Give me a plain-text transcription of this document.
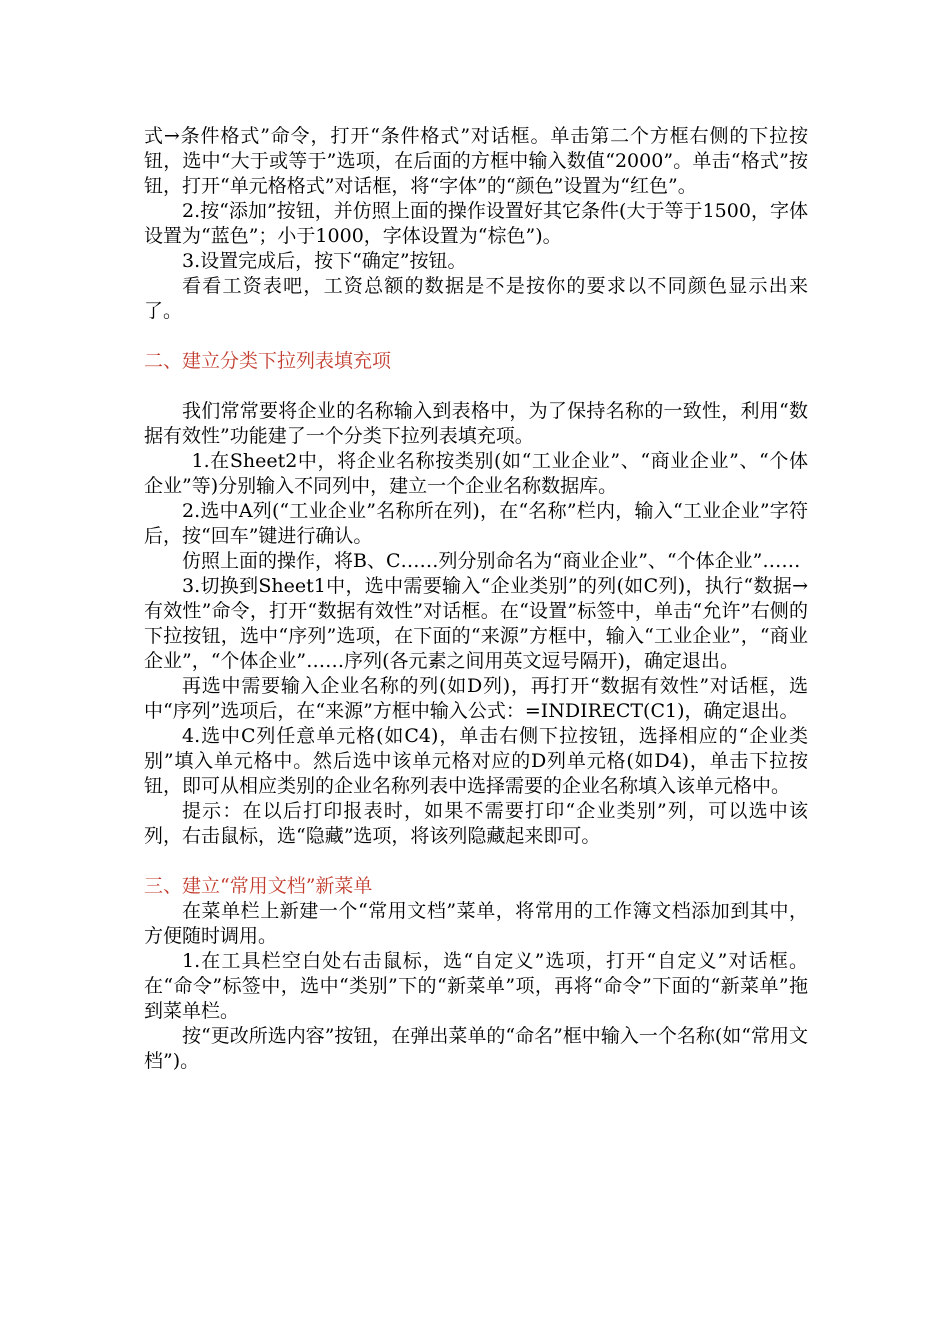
式→条件格式”命令，打开“条件格式”对话框。单击第二个方框右侧的下拉按钮，选中“大于或等于”选项，在后面的方框中输入数值“2000”。单击“格式”按钮，打开“单元格格式”对话框，将“字体”的“颜色”设置为“红色”。

2.按“添加”按钮，并仿照上面的操作设置好其它条件(大于等于1500，字体设置为“蓝色”；小于1000，字体设置为“棕色”)。

3.设置完成后，按下“确定”按钮。

看看工资表吧，工资总额的数据是不是按你的要求以不同颜色显示出来了。

二、建立分类下拉列表填充项

我们常常要将企业的名称输入到表格中，为了保持名称的一致性，利用“数据有效性”功能建了一个分类下拉列表填充项。

1.在Sheet2中，将企业名称按类别(如“工业企业”、“商业企业”、“个体企业”等)分别输入不同列中，建立一个企业名称数据库。

2.选中A列(“工业企业”名称所在列)，在“名称”栏内，输入“工业企业”字符后，按“回车”键进行确认。

仿照上面的操作，将B、C……列分别命名为“商业企业”、“个体企业”……

3.切换到Sheet1中，选中需要输入“企业类别”的列(如C列)，执行“数据→有效性”命令，打开“数据有效性”对话框。在“设置”标签中，单击“允许”右侧的下拉按钮，选中“序列”选项，在下面的“来源”方框中，输入“工业企业”，“商业企业”，“个体企业”……序列(各元素之间用英文逗号隔开)，确定退出。

再选中需要输入企业名称的列(如D列)，再打开“数据有效性”对话框，选中“序列”选项后，在“来源”方框中输入公式：=INDIRECT(C1)，确定退出。

4.选中C列任意单元格(如C4)，单击右侧下拉按钮，选择相应的“企业类别”填入单元格中。然后选中该单元格对应的D列单元格(如D4)，单击下拉按钮，即可从相应类别的企业名称列表中选择需要的企业名称填入该单元格中。

提示：在以后打印报表时，如果不需要打印“企业类别”列，可以选中该列，右击鼠标，选“隐藏”选项，将该列隐藏起来即可。

三、建立“常用文档”新菜单

在菜单栏上新建一个“常用文档”菜单，将常用的工作簿文档添加到其中，方便随时调用。

1.在工具栏空白处右击鼠标，选“自定义”选项，打开“自定义”对话框。在“命令”标签中，选中“类别”下的“新菜单”项，再将“命令”下面的“新菜单”拖到菜单栏。

按“更改所选内容”按钮，在弹出菜单的“命名”框中输入一个名称(如“常用文档”)。
